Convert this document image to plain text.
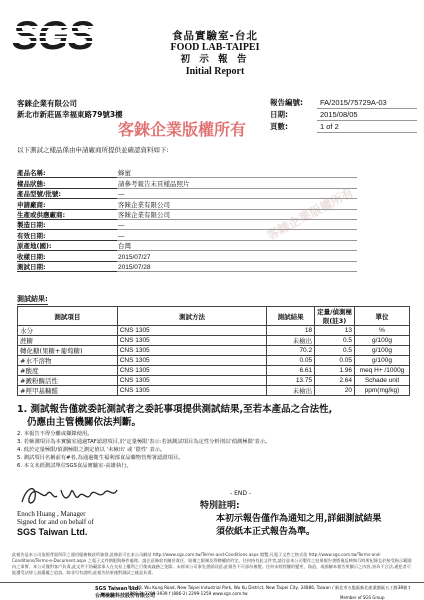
食品實驗室-台北
FOOD LAB-TAIPEI
初 示 報 告
Initial Report
客錸企業有限公司
新北市新莊區幸福東路79號3樓
報告編號:	FA/2015/75729A-03
日期:	2015/08/05
頁數:	1 of 2
客錸企業版權所有
客錸企業版權所有
以下測試之樣品係由申請廠商所提供並確認資料如下:
產品名稱:	蜂蜜
樣品狀態:	請參考報告末頁樣品照片
產品型號/批號:	—
申請廠商:	客錸企業有限公司
生產或供應廠商:	客錸企業有限公司
製造日期:	—
有效日期:	—
原產地(國):	台灣
收樣日期:	2015/07/27
測試日期:	2015/07/28
測試結果:
測試項目	測試方法	測試結果	定量/偵測極限(註3)	單位
水分	CNS 1305	18	13	%
蔗糖	CNS 1305	未檢出	0.5	g/100g
轉化糖(果糖+葡萄糖)	CNS 1305	70.2	0.5	g/100g
#水不溶物	CNS 1305	0.05	0.05	g/100g
#酸度	CNS 1305	6.61	1.96	meq H+ /1000g
#澱粉酶活性	CNS 1305	13.75	2.64	Schade unit
#羥甲基糠醛	CNS 1305	未檢出	20	ppm(mg/kg)
1. 測試報告僅就委託測試者之委託事項提供測試結果,至若本產品之合法性,
仍應由主管機關依法判斷。
2. 本報告不得分離或擷錄使用。
3. 若檢測項目為本實驗室通過TAF認證項目,於'定量極限'表示:若該測試項目為定性分析則以'偵測極限'表示。
4. 低於定量極限/偵測極限之測定值以 '未檢出' 或 '陰性' 表示。
5. 測試項目名稱前有#者,為通過衛生福利部食品藥物管理署認證項目。
6. 本文未經測試單位SGS食品實驗室-高雄執行。
Enoch Huang , Manager
Signed for and on behalf of
SGS Taiwan Ltd.
- END -
特別註明:
本初示報告僅作為通知之用,詳細測試結果
須依紙本正式報告為準。
此報告是本公司依照背面所印之通用服務條款所簽發,此條款可在本公司網站 http://www.sgs.com.tw/Terms-and-Conditions.aspx 閱覽,凡電子文件之格式依 http://www.sgs.com.tw/Terms-and-Conditions/Terms-e-Document.aspx 之電子文件期限與條件處理。請注意條款有關於責任、賠償之限制及管轄權的約定。任何持有此文件者,請注意本公司製作之結果報告書將僅反映執行時所紀錄且於接受指示範圍內之事實。本公司僅對客戶負責,此文件不妨礙當事人在交易上權利之行使或義務之免除。未經本公司事先書面同意,此報告不可部份複製。任何未經授權的變更、偽造、或曲解本報告所顯示之內容,皆為不合法,違犯者可能遭受法律上最嚴厲之追訴。除非另有說明,此報告結果僅對測試之樣品負責。
SGS Taiwan Ltd.
台灣檢驗科技股份有限公司
No. 38, Wu Kung Road, New Taipei Industrial Park, Wu Ku District, New Taipei City, 24886, Taiwan / 新北市五股區新北產業園區五工路38號 t (886-2) 2299-3939 f (886-2) 2299-1259 www.sgs.com.tw
Member of SGS Group
